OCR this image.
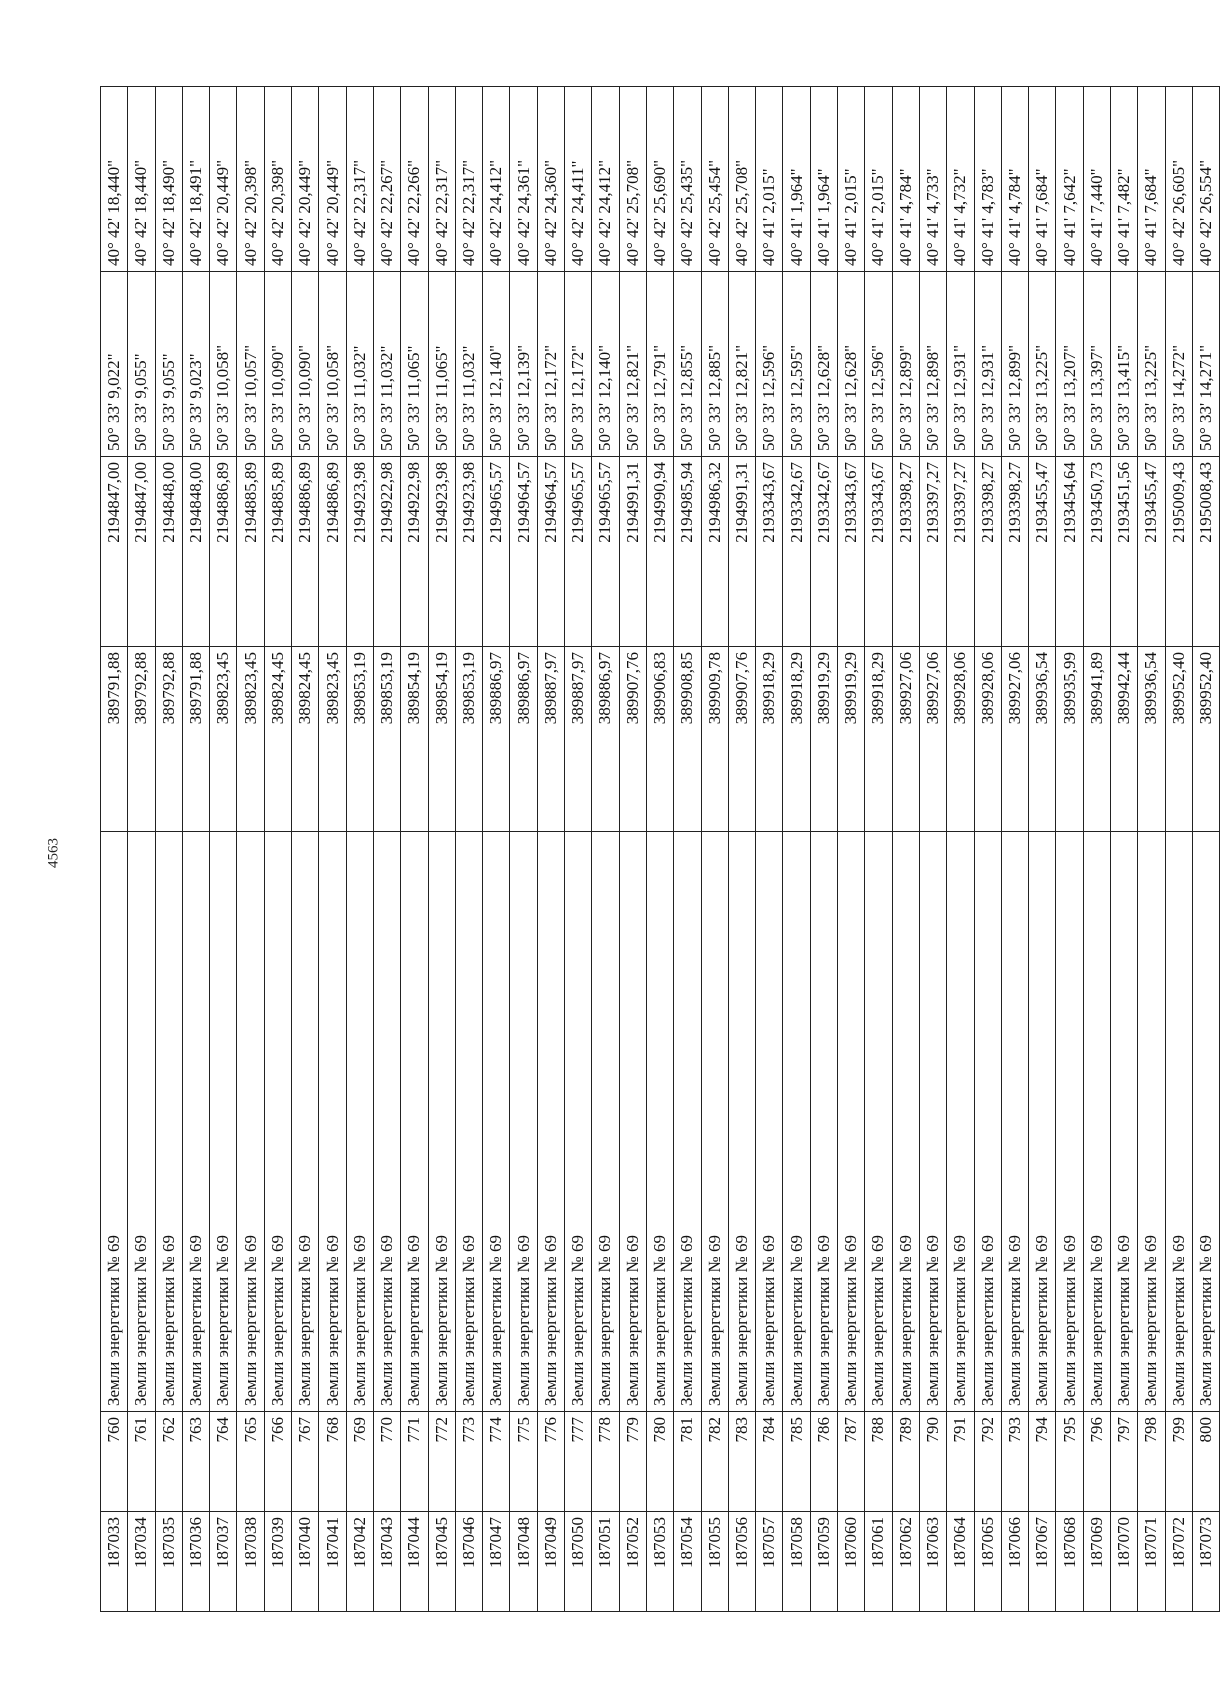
4563
187033	760	Земли энергетики № 69	389791,88	2194847,00	50° 33' 9,022"	40° 42' 18,440"
187034	761	Земли энергетики № 69	389792,88	2194847,00	50° 33' 9,055"	40° 42' 18,440"
187035	762	Земли энергетики № 69	389792,88	2194848,00	50° 33' 9,055"	40° 42' 18,490"
187036	763	Земли энергетики № 69	389791,88	2194848,00	50° 33' 9,023"	40° 42' 18,491"
187037	764	Земли энергетики № 69	389823,45	2194886,89	50° 33' 10,058"	40° 42' 20,449"
187038	765	Земли энергетики № 69	389823,45	2194885,89	50° 33' 10,057"	40° 42' 20,398"
187039	766	Земли энергетики № 69	389824,45	2194885,89	50° 33' 10,090"	40° 42' 20,398"
187040	767	Земли энергетики № 69	389824,45	2194886,89	50° 33' 10,090"	40° 42' 20,449"
187041	768	Земли энергетики № 69	389823,45	2194886,89	50° 33' 10,058"	40° 42' 20,449"
187042	769	Земли энергетики № 69	389853,19	2194923,98	50° 33' 11,032"	40° 42' 22,317"
187043	770	Земли энергетики № 69	389853,19	2194922,98	50° 33' 11,032"	40° 42' 22,267"
187044	771	Земли энергетики № 69	389854,19	2194922,98	50° 33' 11,065"	40° 42' 22,266"
187045	772	Земли энергетики № 69	389854,19	2194923,98	50° 33' 11,065"	40° 42' 22,317"
187046	773	Земли энергетики № 69	389853,19	2194923,98	50° 33' 11,032"	40° 42' 22,317"
187047	774	Земли энергетики № 69	389886,97	2194965,57	50° 33' 12,140"	40° 42' 24,412"
187048	775	Земли энергетики № 69	389886,97	2194964,57	50° 33' 12,139"	40° 42' 24,361"
187049	776	Земли энергетики № 69	389887,97	2194964,57	50° 33' 12,172"	40° 42' 24,360"
187050	777	Земли энергетики № 69	389887,97	2194965,57	50° 33' 12,172"	40° 42' 24,411"
187051	778	Земли энергетики № 69	389886,97	2194965,57	50° 33' 12,140"	40° 42' 24,412"
187052	779	Земли энергетики № 69	389907,76	2194991,31	50° 33' 12,821"	40° 42' 25,708"
187053	780	Земли энергетики № 69	389906,83	2194990,94	50° 33' 12,791"	40° 42' 25,690"
187054	781	Земли энергетики № 69	389908,85	2194985,94	50° 33' 12,855"	40° 42' 25,435"
187055	782	Земли энергетики № 69	389909,78	2194986,32	50° 33' 12,885"	40° 42' 25,454"
187056	783	Земли энергетики № 69	389907,76	2194991,31	50° 33' 12,821"	40° 42' 25,708"
187057	784	Земли энергетики № 69	389918,29	2193343,67	50° 33' 12,596"	40° 41' 2,015"
187058	785	Земли энергетики № 69	389918,29	2193342,67	50° 33' 12,595"	40° 41' 1,964"
187059	786	Земли энергетики № 69	389919,29	2193342,67	50° 33' 12,628"	40° 41' 1,964"
187060	787	Земли энергетики № 69	389919,29	2193343,67	50° 33' 12,628"	40° 41' 2,015"
187061	788	Земли энергетики № 69	389918,29	2193343,67	50° 33' 12,596"	40° 41' 2,015"
187062	789	Земли энергетики № 69	389927,06	2193398,27	50° 33' 12,899"	40° 41' 4,784"
187063	790	Земли энергетики № 69	389927,06	2193397,27	50° 33' 12,898"	40° 41' 4,733"
187064	791	Земли энергетики № 69	389928,06	2193397,27	50° 33' 12,931"	40° 41' 4,732"
187065	792	Земли энергетики № 69	389928,06	2193398,27	50° 33' 12,931"	40° 41' 4,783"
187066	793	Земли энергетики № 69	389927,06	2193398,27	50° 33' 12,899"	40° 41' 4,784"
187067	794	Земли энергетики № 69	389936,54	2193455,47	50° 33' 13,225"	40° 41' 7,684"
187068	795	Земли энергетики № 69	389935,99	2193454,64	50° 33' 13,207"	40° 41' 7,642"
187069	796	Земли энергетики № 69	389941,89	2193450,73	50° 33' 13,397"	40° 41' 7,440"
187070	797	Земли энергетики № 69	389942,44	2193451,56	50° 33' 13,415"	40° 41' 7,482"
187071	798	Земли энергетики № 69	389936,54	2193455,47	50° 33' 13,225"	40° 41' 7,684"
187072	799	Земли энергетики № 69	389952,40	2195009,43	50° 33' 14,272"	40° 42' 26,605"
187073	800	Земли энергетики № 69	389952,40	2195008,43	50° 33' 14,271"	40° 42' 26,554"
